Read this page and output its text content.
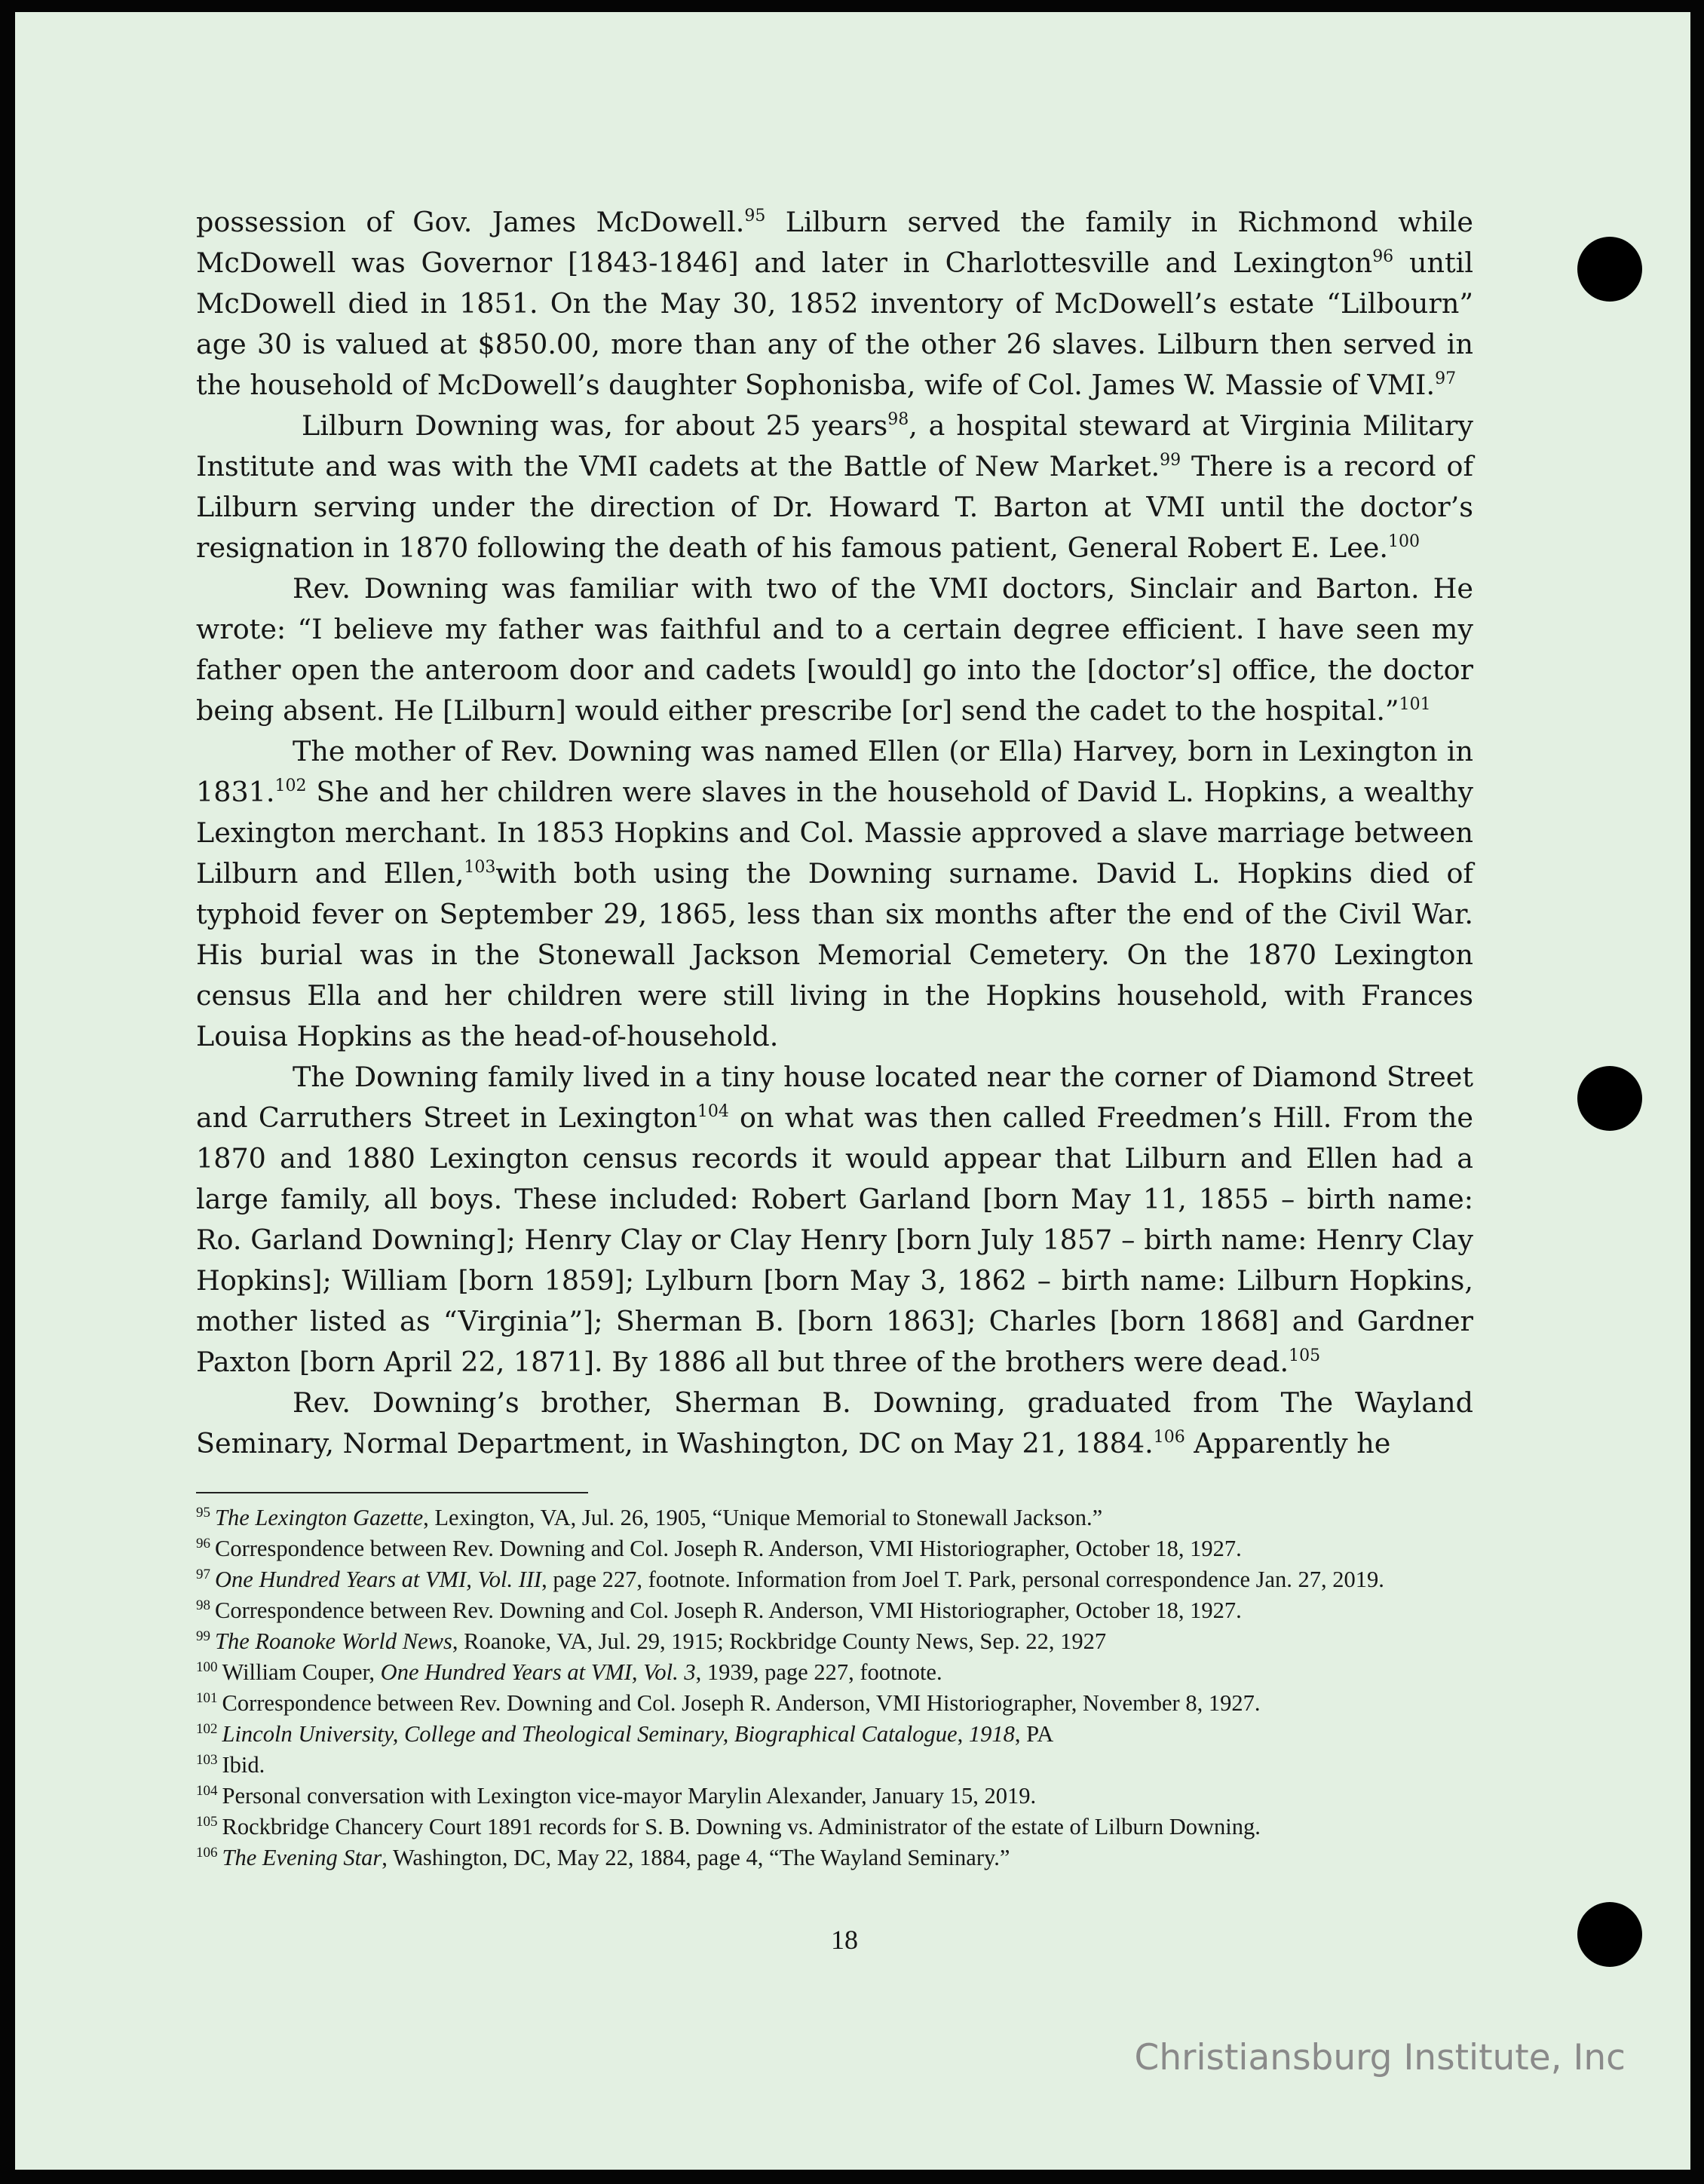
possession of Gov. James McDowell.$^{95}$ Lilburn served the family in Richmond while McDowell was Governor [1843-1846] and later in Charlottesville and Lexington$^{96}$ until McDowell died in 1851. On the May 30, 1852 inventory of McDowell’s estate “Lilbourn” age 30 is valued at $850.00, more than any of the other 26 slaves. Lilburn then served in the household of McDowell’s daughter Sophonisba, wife of Col. James W. Massie of VMI.$^{97}$

Lilburn Downing was, for about 25 years$^{98}$, a hospital steward at Virginia Military Institute and was with the VMI cadets at the Battle of New Market.$^{99}$ There is a record of Lilburn serving under the direction of Dr. Howard T. Barton at VMI until the doctor’s resignation in 1870 following the death of his famous patient, General Robert E. Lee.$^{100}$

Rev. Downing was familiar with two of the VMI doctors, Sinclair and Barton. He wrote: “I believe my father was faithful and to a certain degree efficient. I have seen my father open the anteroom door and cadets [would] go into the [doctor’s] office, the doctor being absent. He [Lilburn] would either prescribe [or] send the cadet to the hospital.”$^{101}$

The mother of Rev. Downing was named Ellen (or Ella) Harvey, born in Lexington in 1831.$^{102}$ She and her children were slaves in the household of David L. Hopkins, a wealthy Lexington merchant. In 1853 Hopkins and Col. Massie approved a slave marriage between Lilburn and Ellen,$^{103}$with both using the Downing surname. David L. Hopkins died of typhoid fever on September 29, 1865, less than six months after the end of the Civil War. His burial was in the Stonewall Jackson Memorial Cemetery. On the 1870 Lexington census Ella and her children were still living in the Hopkins household, with Frances Louisa Hopkins as the head-of-household.

The Downing family lived in a tiny house located near the corner of Diamond Street and Carruthers Street in Lexington$^{104}$ on what was then called Freedmen’s Hill. From the 1870 and 1880 Lexington census records it would appear that Lilburn and Ellen had a large family, all boys. These included: Robert Garland [born May 11, 1855 – birth name: Ro. Garland Downing]; Henry Clay or Clay Henry [born July 1857 – birth name: Henry Clay Hopkins]; William [born 1859]; Lylburn [born May 3, 1862 – birth name: Lilburn Hopkins, mother listed as “Virginia”]; Sherman B. [born 1863]; Charles [born 1868] and Gardner Paxton [born April 22, 1871]. By 1886 all but three of the brothers were dead.$^{105}$

Rev. Downing’s brother, Sherman B. Downing, graduated from The Wayland Seminary, Normal Department, in Washington, DC on May 21, 1884.$^{106}$ Apparently he

$^{95}$ The Lexington Gazette, Lexington, VA, Jul. 26, 1905, “Unique Memorial to Stonewall Jackson.”

$^{96}$ Correspondence between Rev. Downing and Col. Joseph R. Anderson, VMI Historiographer, October 18, 1927.

$^{97}$ One Hundred Years at VMI, Vol. III, page 227, footnote. Information from Joel T. Park, personal correspondence Jan. 27, 2019.

$^{98}$ Correspondence between Rev. Downing and Col. Joseph R. Anderson, VMI Historiographer, October 18, 1927.

$^{99}$ The Roanoke World News, Roanoke, VA, Jul. 29, 1915; Rockbridge County News, Sep. 22, 1927

$^{100}$ William Couper, One Hundred Years at VMI, Vol. 3, 1939, page 227, footnote.

$^{101}$ Correspondence between Rev. Downing and Col. Joseph R. Anderson, VMI Historiographer, November 8, 1927.

$^{102}$ Lincoln University, College and Theological Seminary, Biographical Catalogue, 1918, PA

$^{103}$ Ibid.

$^{104}$ Personal conversation with Lexington vice-mayor Marylin Alexander, January 15, 2019.

$^{105}$ Rockbridge Chancery Court 1891 records for S. B. Downing vs. Administrator of the estate of Lilburn Downing.

$^{106}$ The Evening Star, Washington, DC, May 22, 1884, page 4, “The Wayland Seminary.”

18
Christiansburg Institute, Inc
